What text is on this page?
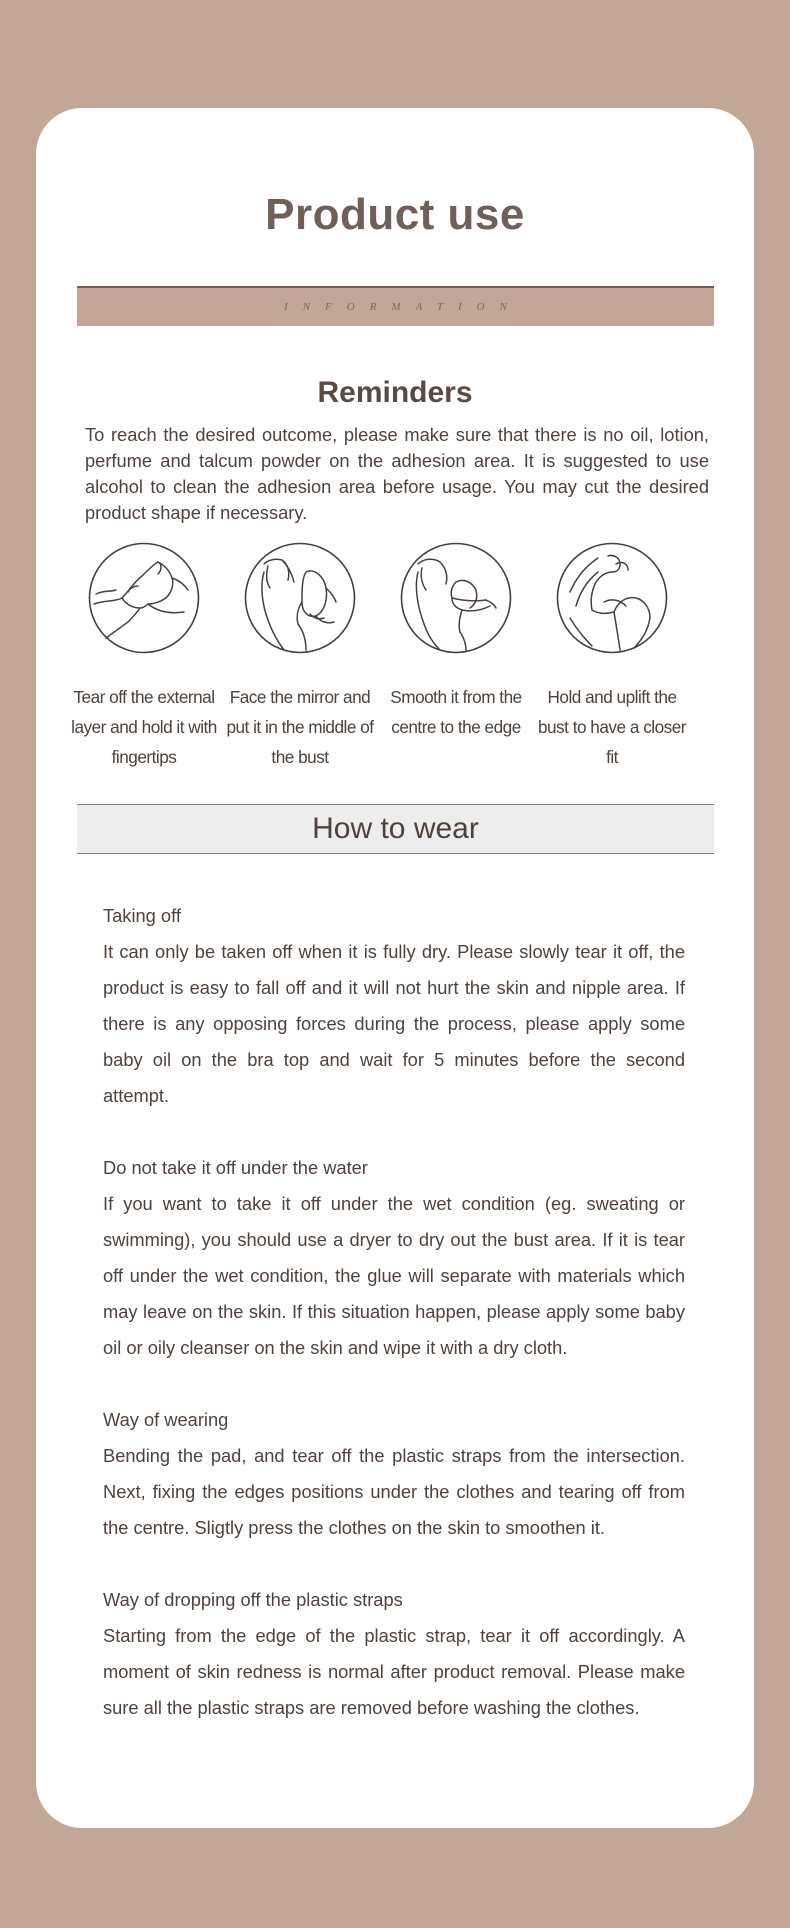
Product use
INFORMATION
Reminders
To reach the desired outcome, please make sure that there is no oil, lotion, perfume and talcum powder on the adhesion area. It is suggested to use alcohol to clean the adhesion area before usage. You may cut the desired product shape if necessary.
Tear off the external layer and hold it with fingertips
Face the mirror and put it in the middle of the bust
Smooth it from the centre to the edge
Hold and uplift the bust to have a closer fit
How to wear
Taking off
It can only be taken off when it is fully dry. Please slowly tear it off, the product is easy to fall off and it will not hurt the skin and nipple area. If there is any opposing forces during the process, please apply some baby oil on the bra top and wait for 5 minutes before the second attempt.
Do not take it off under the water
If you want to take it off under the wet condition (eg. sweating or swimming), you should use a dryer to dry out the bust area. If it is tear off under the wet condition, the glue will separate with materials which may leave on the skin. If this situation happen, please apply some baby oil or oily cleanser on the skin and wipe it with a dry cloth.
Way of wearing
Bending the pad, and tear off the plastic straps from the intersection. Next, fixing the edges positions under the clothes and tearing off from the centre. Sligtly press the clothes on the skin to smoothen it.
Way of dropping off the plastic straps
Starting from the edge of the plastic strap, tear it off accordingly. A moment of skin redness is normal after product removal. Please make sure all the plastic straps are removed before washing the clothes.
